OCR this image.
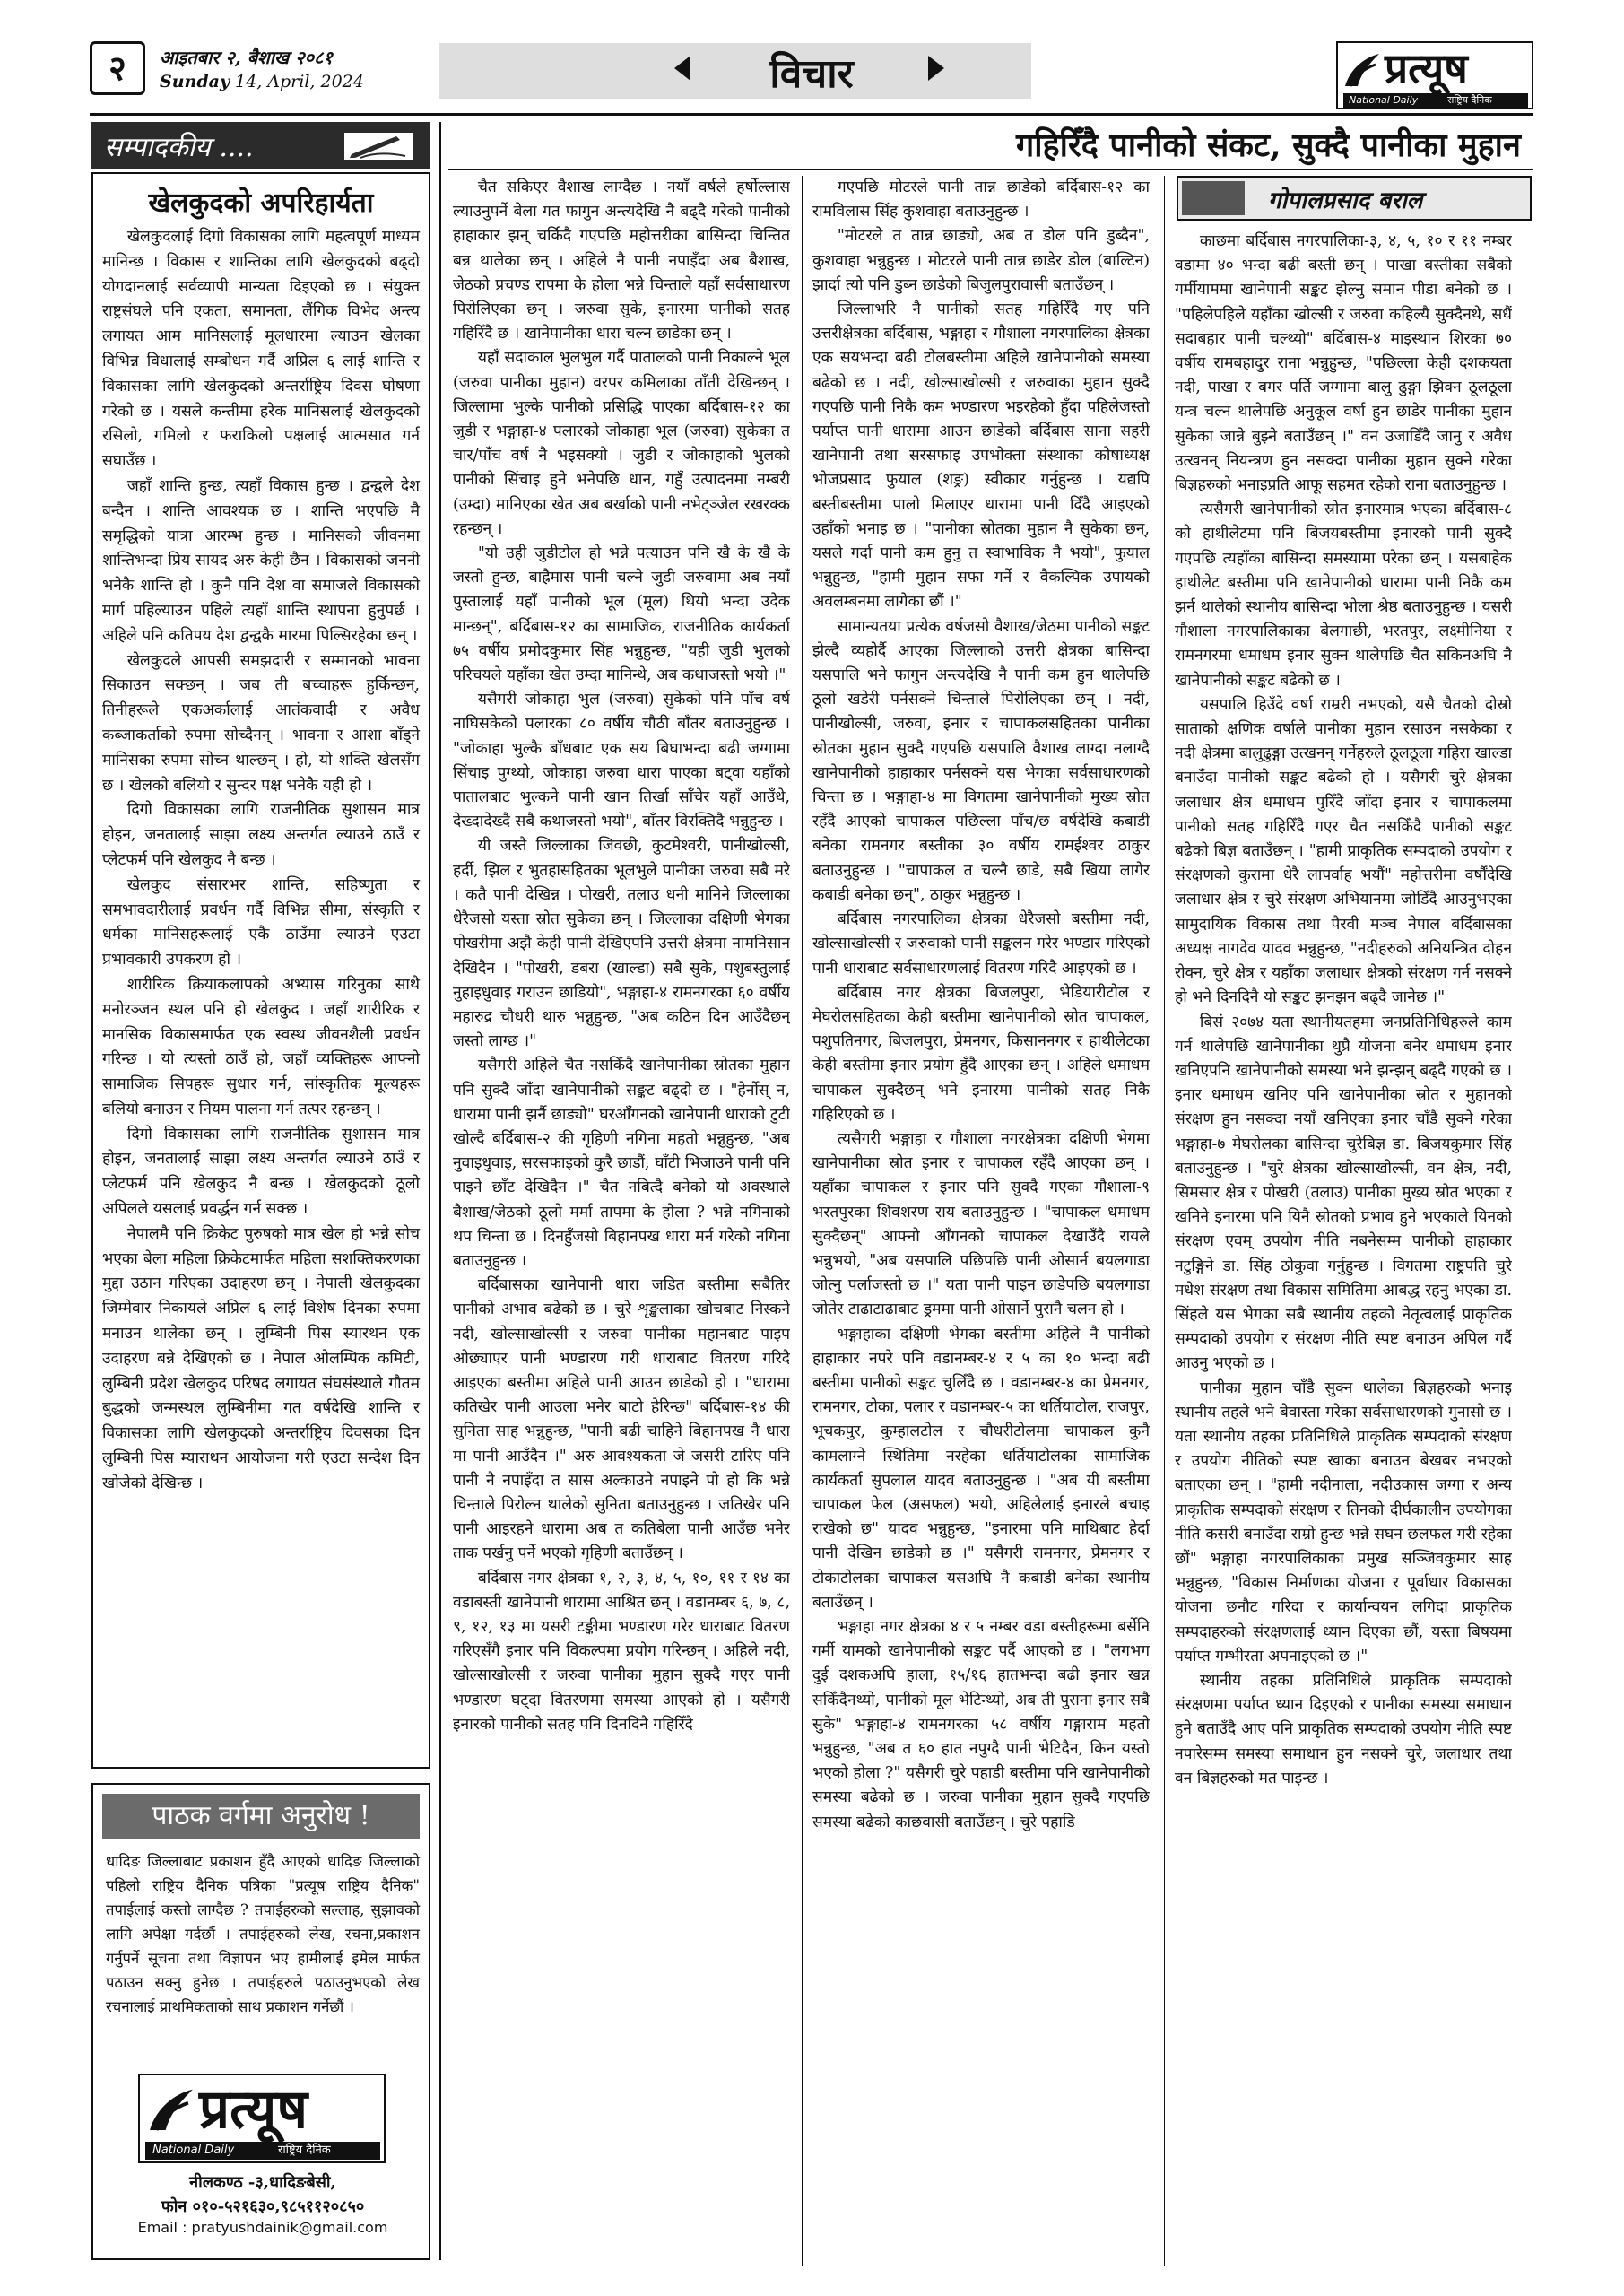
२	आइतबार २, बैशाख २०८१
Sunday 14, April, 2024	विचार	प्रत्यूष
National Daily	राष्ट्रिय दैनिक
सम्पादकीय ....
खेलकुदको अपरिहार्यता

खेलकुदलाई दिगो विकासका लागि महत्वपूर्ण माध्यम मानिन्छ । विकास र शान्तिका लागि खेलकुदको बढ्दो योगदानलाई सर्वव्यापी मान्यता दिइएको छ । संयुक्त राष्ट्रसंघले पनि एकता, समानता, लैंगिक विभेद अन्त्य लगायत आम मानिसलाई मूलधारमा ल्याउन खेलका विभिन्न विधालाई सम्बोधन गर्दै अप्रिल ६ लाई शान्ति र विकासका लागि खेलकुदको अन्तर्राष्ट्रिय दिवस घोषणा गरेको छ । यसले कन्तीमा हरेक मानिसलाई खेलकुदको रसिलो, गमिलो र फराकिलो पक्षलाई आत्मसात गर्न सघाउँछ ।

जहाँ शान्ति हुन्छ, त्यहाँ विकास हुन्छ । द्वन्द्वले देश बन्दैन । शान्ति आवश्यक छ । शान्ति भएपछि मै समृद्धिको यात्रा आरम्भ हुन्छ । मानिसको जीवनमा शान्तिभन्दा प्रिय सायद अरु केही छैन । विकासको जननी भनेकै शान्ति हो । कुनै पनि देश वा समाजले विकासको मार्ग पहिल्याउन पहिले त्यहाँ शान्ति स्थापना हुनुपर्छ । अहिले पनि कतिपय देश द्वन्द्वकै मारमा पिल्सिरहेका छन् ।

खेलकुदले आपसी समझदारी र सम्मानको भावना सिकाउन सक्छन् । जब ती बच्चाहरू हुर्किन्छन्, तिनीहरूले एकअर्कालाई आतंकवादी र अवैध कब्जाकर्ताको रुपमा सोच्दैनन् । भावना र आशा बाँड्ने मानिसका रुपमा सोच्न थाल्छन् । हो, यो शक्ति खेलसँग छ । खेलको बलियो र सुन्दर पक्ष भनेकै यही हो ।

दिगो विकासका लागि राजनीतिक सुशासन मात्र होइन, जनतालाई साझा लक्ष्य अन्तर्गत ल्याउने ठाउँ र प्लेटफर्म पनि खेलकुद नै बन्छ ।

खेलकुद संसारभर शान्ति, सहिष्णुता र समभावदारीलाई प्रवर्धन गर्दै विभिन्न सीमा, संस्कृति र धर्मका मानिसहरूलाई एकै ठाउँमा ल्याउने एउटा प्रभावकारी उपकरण हो ।

शारीरिक क्रियाकलापको अभ्यास गरिनुका साथै मनोरञ्जन स्थल पनि हो खेलकुद । जहाँ शारीरिक र मानसिक विकासमार्फत एक स्वस्थ जीवनशैली प्रवर्धन गरिन्छ । यो त्यस्तो ठाउँ हो, जहाँ व्यक्तिहरू आफ्नो सामाजिक सिपहरू सुधार गर्न, सांस्कृतिक मूल्यहरू बलियो बनाउन र नियम पालना गर्न तत्पर रहन्छन् ।

दिगो विकासका लागि राजनीतिक सुशासन मात्र होइन, जनतालाई साझा लक्ष्य अन्तर्गत ल्याउने ठाउँ र प्लेटफर्म पनि खेलकुद नै बन्छ । खेलकुदको ठूलो अपिलले यसलाई प्रवर्द्धन गर्न सक्छ ।

नेपालमै पनि क्रिकेट पुरुषको मात्र खेल हो भन्ने सोच भएका बेला महिला क्रिकेटमार्फत महिला सशक्तिकरणका मुद्दा उठान गरिएका उदाहरण छन् । नेपाली खेलकुदका जिम्मेवार निकायले अप्रिल ६ लाई विशेष दिनका रुपमा मनाउन थालेका छन् । लुम्बिनी पिस स्यारथन एक उदाहरण बन्ने देखिएको छ । नेपाल ओलम्पिक कमिटी, लुम्बिनी प्रदेश खेलकुद परिषद लगायत संघसंस्थाले गौतम बुद्धको जन्मस्थल लुम्बिनीमा गत वर्षदेखि शान्ति र विकासका लागि खेलकुदको अन्तर्राष्ट्रिय दिवसका दिन लुम्बिनी पिस म्याराथन आयोजना गरी एउटा सन्देश दिन खोजेको देखिन्छ ।

पाठक वर्गमा अनुरोध !
धादिङ जिल्लाबाट प्रकाशन हुँदै आएको धादिङ जिल्लाको पहिलो राष्ट्रिय दैनिक पत्रिका "प्रत्यूष राष्ट्रिय दैनिक" तपाईलाई कस्तो लाग्दैछ ? तपाईहरुको सल्लाह, सुझावको लागि अपेक्षा गर्दछौं । तपाईहरुको लेख, रचना,प्रकाशन गर्नुपर्ने सूचना तथा विज्ञापन भए हामीलाई इमेल मार्फत पठाउन सक्नु हुनेछ । तपाईहरुले पठाउनुभएको लेख रचनालाई प्राथमिकताको साथ प्रकाशन गर्नेछौं ।
प्रत्यूष
National Daily	राष्ट्रिय दैनिक
नीलकण्ठ -३,धादिङबेसी,
फोन ०१०-५२१६३०,९८५११२०८५०
Email : pratyushdainik@gmail.com
गहिरिँदै पानीको संकट, सुक्दै पानीका मुहान

चैत सकिएर वैशाख लाग्दैछ । नयाँ वर्षले हर्षोल्लास ल्याउनुपर्ने बेला गत फागुन अन्त्यदेखि नै बढ्दै गरेको पानीको हाहाकार झन् चर्किदै गएपछि महोत्तरीका बासिन्दा चिन्तित बन्न थालेका छन् । अहिले नै पानी नपाइँदा अब बैशाख, जेठको प्रचण्ड रापमा के होला भन्ने चिन्ताले यहाँ सर्वसाधारण पिरोलिएका छन् । जरुवा सुके, इनारमा पानीको सतह गहिरिँदै छ । खानेपानीका धारा चल्न छाडेका छन् ।

यहाँ सदाकाल भुलभुल गर्दै पातालको पानी निकाल्ने भूल (जरुवा पानीका मुहान) वरपर कमिलाका ताँती देखिन्छन् । जिल्लामा भुल्के पानीको प्रसिद्धि पाएका बर्दिबास-१२ का जुडी र भङ्गाहा-४ पलारको जोकाहा भूल (जरुवा) सुकेका त चार/पाँच वर्ष नै भइसक्यो । जुडी र जोकाहाको भुलको पानीको सिंचाइ हुने भनेपछि धान, गहुँ उत्पादनमा नम्बरी (उम्दा) मानिएका खेत अब बर्खाको पानी नभेट्ञ्जेल रखरक्क रहन्छन् ।

"यो उही जुडीटोल हो भन्ने पत्याउन पनि खै के खै के जस्तो हुन्छ, बाह्रैमास पानी चल्ने जुडी जरुवामा अब नयाँ पुस्तालाई यहाँ पानीको भूल (मूल) थियो भन्दा उदेक मान्छन्", बर्दिबास-१२ का सामाजिक, राजनीतिक कार्यकर्ता ७५ वर्षीय प्रमोदकुमार सिंह भन्नुहुन्छ, "यही जुडी भुलको परिचयले यहाँका खेत उम्दा मानिन्थे, अब कथाजस्तो भयो ।"

यसैगरी जोकाहा भुल (जरुवा) सुकेको पनि पाँच वर्ष नाघिसकेको पलारका ८० वर्षीय चौठी बाँतर बताउनुहुन्छ । "जोकाहा भुल्कै बाँधबाट एक सय बिघाभन्दा बढी जग्गामा सिंचाइ पुग्थ्यो, जोकाहा जरुवा धारा पाएका बट्वा यहाँको पातालबाट भुल्कने पानी खान तिर्खा साँचेर यहाँ आउँथे, देख्दादेख्दै सबै कथाजस्तो भयो", बाँतर विरक्तिदै भन्नुहुन्छ ।

यी जस्तै जिल्लाका जिवछी, कुटमेश्वरी, पानीखोल्सी, हर्दी, झिल र भुतहासहितका भूलभुले पानीका जरुवा सबै मरे । कतै पानी देखिन्न । पोखरी, तलाउ धनी मानिने जिल्लाका धेरैजसो यस्ता स्रोत सुकेका छन् । जिल्लाका दक्षिणी भेगका पोखरीमा अझै केही पानी देखिएपनि उत्तरी क्षेत्रमा नामनिसान देखिदैन । "पोखरी, डबरा (खाल्डा) सबै सुके, पशुबस्तुलाई नुहाइधुवाइ गराउन छाडियो", भङ्गाहा-४ रामनगरका ६० वर्षीय महारुद्र चौधरी थारु भन्नुहुन्छ, "अब कठिन दिन आउँदैछन् जस्तो लाग्छ ।"

यसैगरी अहिले चैत नसकिँदै खानेपानीका स्रोतका मुहान पनि सुक्दै जाँदा खानेपानीको सङ्कट बढ्दो छ । "हेर्नोस् न, धारामा पानी झर्नै छाड्यो" घरआँगनको खानेपानी धाराको टुटी खोल्दै बर्दिबास-२ की गृहिणी नगिना महतो भन्नुहुन्छ, "अब नुवाइधुवाइ, सरसफाइको कुरै छाडौं, घाँटी भिजाउने पानी पनि पाइने छाँट देखिदैन ।" चैत नबित्दै बनेको यो अवस्थाले बैशाख/जेठको ठूलो मर्मा तापमा के होला ? भन्ने नगिनाको थप चिन्ता छ । दिनहुँजसो बिहानपख धारा मर्न गरेको नगिना बताउनुहुन्छ ।

बर्दिबासका खानेपानी धारा जडित बस्तीमा सबैतिर पानीको अभाव बढेको छ । चुरे शृङ्खलाका खोचबाट निस्कने नदी, खोल्साखोल्सी र जरुवा पानीका महानबाट पाइप ओछ्याएर पानी भण्डारण गरी धाराबाट वितरण गरिदै आइएका बस्तीमा अहिले पानी आउन छाडेको हो । "धारामा कतिखेर पानी आउला भनेर बाटो हेरिन्छ" बर्दिबास-१४ की सुनिता साह भन्नुहुन्छ, "पानी बढी चाहिने बिहानपख नै धारा मा पानी आउँदैन ।" अरु आवश्यकता जे जसरी टारिए पनि पानी नै नपाइँदा त सास अल्काउने नपाइने पो हो कि भन्ने चिन्ताले पिरोल्न थालेको सुनिता बताउनुहुन्छ । जतिखेर पनि पानी आइरहने धारामा अब त कतिबेला पानी आउँछ भनेर ताक पर्खनु पर्ने भएको गृहिणी बताउँछन् ।

बर्दिबास नगर क्षेत्रका १, २, ३, ४, ५, १०, ११ र १४ का वडाबस्ती खानेपानी धारामा आश्रित छन् । वडानम्बर ६, ७, ८, ९, १२, १३ मा यसरी टङ्कीमा भण्डारण गरेर धाराबाट वितरण गरिएसँगै इनार पनि विकल्पमा प्रयोग गरिन्छन् । अहिले नदी, खोल्साखोल्सी र जरुवा पानीका मुहान सुक्दै गएर पानी भण्डारण घट्दा वितरणमा समस्या आएको हो । यसैगरी इनारको पानीको सतह पनि दिनदिनै गहिरिँदै

गएपछि मोटरले पानी तान्न छाडेको बर्दिबास-१२ का रामविलास सिंह कुशवाहा बताउनुहुन्छ ।

"मोटरले त तान्न छाड्यो, अब त डोल पनि डुब्दैन", कुशवाहा भन्नुहुन्छ । मोटरले पानी तान्न छाडेर डोल (बाल्टिन) झार्दा त्यो पनि डुब्न छाडेको बिजुलपुरावासी बताउँछन् ।

जिल्लाभरि नै पानीको सतह गहिरिँदै गए पनि उत्तरीक्षेत्रका बर्दिबास, भङ्गाहा र गौशाला नगरपालिका क्षेत्रका एक सयभन्दा बढी टोलबस्तीमा अहिले खानेपानीको समस्या बढेको छ । नदी, खोल्साखोल्सी र जरुवाका मुहान सुक्दै गएपछि पानी निकै कम भण्डारण भइरहेको हुँदा पहिलेजस्तो पर्याप्त पानी धारामा आउन छाडेको बर्दिबास साना सहरी खानेपानी तथा सरसफाइ उपभोक्ता संस्थाका कोषाध्यक्ष भोजप्रसाद फुयाल (शङ्र) स्वीकार गर्नुहुन्छ । यद्यपि बस्तीबस्तीमा पालो मिलाएर धारामा पानी दिँदै आइएको उहाँको भनाइ छ । "पानीका स्रोतका मुहान नै सुकेका छन्, यसले गर्दा पानी कम हुनु त स्वाभाविक नै भयो", फुयाल भन्नुहुन्छ, "हामी मुहान सफा गर्ने र वैकल्पिक उपायको अवलम्बनमा लागेका छौं ।"

सामान्यतया प्रत्येक वर्षजसो वैशाख/जेठमा पानीको सङ्कट झेल्दै व्यहोर्दै आएका जिल्लाको उत्तरी क्षेत्रका बासिन्दा यसपालि भने फागुन अन्त्यदेखि नै पानी कम हुन थालेपछि ठूलो खडेरी पर्नसक्ने चिन्ताले पिरोलिएका छन् । नदी, पानीखोल्सी, जरुवा, इनार र चापाकलसहितका पानीका स्रोतका मुहान सुक्दै गएपछि यसपालि वैशाख लाग्दा नलाग्दै खानेपानीको हाहाकार पर्नसक्ने यस भेगका सर्वसाधारणको चिन्ता छ । भङ्गाहा-४ मा विगतमा खानेपानीको मुख्य स्रोत रहँदै आएको चापाकल पछिल्ला पाँच/छ वर्षदेखि कबाडी बनेका रामनगर बस्तीका ३० वर्षीय रामईश्वर ठाकुर बताउनुहुन्छ । "चापाकल त चल्नै छाडे, सबै खिया लागेर कबाडी बनेका छन्", ठाकुर भन्नुहुन्छ ।

बर्दिबास नगरपालिका क्षेत्रका धेरैजसो बस्तीमा नदी, खोल्साखोल्सी र जरुवाको पानी सङ्कलन गरेर भण्डार गरिएको पानी धाराबाट सर्वसाधारणलाई वितरण गरिदै आइएको छ ।

बर्दिबास नगर क्षेत्रका बिजलपुरा, भेडियारीटोल र मेघरोलसहितका केही बस्तीमा खानेपानीको स्रोत चापाकल, पशुपतिनगर, बिजलपुरा, प्रेमनगर, किसाननगर र हाथीलेटका केही बस्तीमा इनार प्रयोग हुँदै आएका छन् । अहिले धमाधम चापाकल सुक्दैछन् भने इनारमा पानीको सतह निकै गहिरिएको छ ।

त्यसैगरी भङ्गाहा र गौशाला नगरक्षेत्रका दक्षिणी भेगमा खानेपानीका स्रोत इनार र चापाकल रहँदै आएका छन् । यहाँका चापाकल र इनार पनि सुक्दै गएका गौशाला-९ भरतपुरका शिवशरण राय बताउनुहुन्छ । "चापाकल धमाधम सुक्दैछन्" आफ्नो आँगनको चापाकल देखाउँदै रायले भन्नुभयो, "अब यसपालि पछिपछि पानी ओसार्न बयलगाडा जोत्नु पर्लाजस्तो छ ।" यता पानी पाइन छाडेपछि बयलगाडा जोतेर टाढाटाढाबाट ड्रममा पानी ओसार्ने पुरानै चलन हो ।

भङ्गाहाका दक्षिणी भेगका बस्तीमा अहिले नै पानीको हाहाकार नपरे पनि वडानम्बर-४ र ५ का १० भन्दा बढी बस्तीमा पानीको सङ्कट चुलिँदै छ । वडानम्बर-४ का प्रेमनगर, रामनगर, टोका, पलार र वडानम्बर-५ का धर्तियाटोल, राजपुर, भूचकपुर, कुम्हालटोल र चौधरीटोलमा चापाकल कुनै कामलाग्ने स्थितिमा नरहेका धर्तियाटोलका सामाजिक कार्यकर्ता सुपलाल यादव बताउनुहुन्छ । "अब यी बस्तीमा चापाकल फेल (असफल) भयो, अहिलेलाई इनारले बचाइ राखेको छ" यादव भन्नुहुन्छ, "इनारमा पनि माथिबाट हेर्दा पानी देखिन छाडेको छ ।" यसैगरी रामनगर, प्रेमनगर र टोकाटोलका चापाकल यसअघि नै कबाडी बनेका स्थानीय बताउँछन् ।

भङ्गाहा नगर क्षेत्रका ४ र ५ नम्बर वडा बस्तीहरूमा बर्सेनि गर्मी यामको खानेपानीको सङ्कट पर्दै आएको छ । "लगभग दुई दशकअघि हाला, १५/१६ हातभन्दा बढी इनार खन्न सकिँदैनथ्यो, पानीको मूल भेटिन्थ्यो, अब ती पुराना इनार सबै सुके" भङ्गाहा-४ रामनगरका ५८ वर्षीय गङ्गाराम महतो भन्नुहुन्छ, "अब त ६० हात नपुग्दै पानी भेटिदैन, किन यस्तो भएको होला ?" यसैगरी चुरे पहाडी बस्तीमा पनि खानेपानीको समस्या बढेको छ । जरुवा पानीका मुहान सुक्दै गएपछि समस्या बढेको काछवासी बताउँछन् । चुरे पहाडि

गोपालप्रसाद बराल

काछमा बर्दिबास नगरपालिका-३, ४, ५, १० र ११ नम्बर वडामा ४० भन्दा बढी बस्ती छन् । पाखा बस्तीका सबैको गर्मीयाममा खानेपानी सङ्कट झेल्नु समान पीडा बनेको छ । "पहिलेपहिले यहाँका खोल्सी र जरुवा कहिल्यै सुक्दैनथे, सधैं सदाबहार पानी चल्थ्यो" बर्दिबास-४ माइस्थान शिरका ७० वर्षीय रामबहादुर राना भन्नुहुन्छ, "पछिल्ला केही दशकयता नदी, पाखा र बगर पर्ति जग्गामा बालु ढुङ्गा झिक्न ठूलठूला यन्त्र चल्न थालेपछि अनुकूल वर्षा हुन छाडेर पानीका मुहान सुकेका जान्ने बुझ्ने बताउँछन् ।" वन उजाडिँदै जानु र अवैध उत्खनन् नियन्त्रण हुन नसक्दा पानीका मुहान सुक्ने गरेका बिज्ञहरुको भनाइप्रति आफू सहमत रहेको राना बताउनुहुन्छ ।

त्यसैगरी खानेपानीको स्रोत इनारमात्र भएका बर्दिबास-८ को हाथीलेटमा पनि बिजयबस्तीमा इनारको पानी सुक्दै गएपछि त्यहाँका बासिन्दा समस्यामा परेका छन् । यसबाहेक हाथीलेट बस्तीमा पनि खानेपानीको धारामा पानी निकै कम झर्न थालेको स्थानीय बासिन्दा भोला श्रेष्ठ बताउनुहुन्छ । यसरी गौशाला नगरपालिकाका बेलगाछी, भरतपुर, लक्ष्मीनिया र रामनगरमा धमाधम इनार सुक्न थालेपछि चैत सकिनअघि नै खानेपानीको सङ्कट बढेको छ ।

यसपालि हिउँदे वर्षा राम्ररी नभएको, यसै चैतको दोस्रो साताको क्षणिक वर्षाले पानीका मुहान रसाउन नसकेका र नदी क्षेत्रमा बालुढुङ्गा उत्खनन् गर्नेहरुले ठूलठूला गहिरा खाल्डा बनाउँदा पानीको सङ्कट बढेको हो । यसैगरी चुरे क्षेत्रका जलाधार क्षेत्र धमाधम पुरिँदै जाँदा इनार र चापाकलमा पानीको सतह गहिरिँदै गएर चैत नसकिँदै पानीको सङ्कट बढेको बिज्ञ बताउँछन् । "हामी प्राकृतिक सम्पदाको उपयोग र संरक्षणको कुरामा धेरै लापर्वाह भयौं" महोत्तरीमा वर्षौंदेखि जलाधार क्षेत्र र चुरे संरक्षण अभियानमा जोडिँदै आउनुभएका सामुदायिक विकास तथा पैरवी मञ्च नेपाल बर्दिबासका अध्यक्ष नागदेव यादव भन्नुहुन्छ, "नदीहरुको अनियन्त्रित दोहन रोक्न, चुरे क्षेत्र र यहाँका जलाधार क्षेत्रको संरक्षण गर्न नसक्ने हो भने दिनदिनै यो सङ्कट झनझन बढ्दै जानेछ ।"

बिसं २०७४ यता स्थानीयतहमा जनप्रतिनिधिहरुले काम गर्न थालेपछि खानेपानीका थुप्रै योजना बनेर धमाधम इनार खनिएपनि खानेपानीको समस्या भने झन्झन् बढ्दै गएको छ । इनार धमाधम खनिए पनि खानेपानीका स्रोत र मुहानको संरक्षण हुन नसक्दा नयाँ खनिएका इनार चाँडै सुक्ने गरेका भङ्गाहा-७ मेघरोलका बासिन्दा चुरेबिज्ञ डा. बिजयकुमार सिंह बताउनुहुन्छ । "चुरे क्षेत्रका खोल्साखोल्सी, वन क्षेत्र, नदी, सिमसार क्षेत्र र पोखरी (तलाउ) पानीका मुख्य स्रोत भएका र खनिने इनारमा पनि यिनै स्रोतको प्रभाव हुने भएकाले यिनको संरक्षण एवम् उपयोग नीति नबनेसम्म पानीको हाहाकार नटुङ्गिने डा. सिंह ठोकुवा गर्नुहुन्छ । विगतमा राष्ट्रपति चुरे मधेश संरक्षण तथा विकास समितिमा आबद्ध रहनु भएका डा. सिंहले यस भेगका सबै स्थानीय तहको नेतृत्वलाई प्राकृतिक सम्पदाको उपयोग र संरक्षण नीति स्पष्ट बनाउन अपिल गर्दै आउनु भएको छ ।

पानीका मुहान चाँडै सुक्न थालेका बिज्ञहरुको भनाइ स्थानीय तहले भने बेवास्ता गरेका सर्वसाधारणको गुनासो छ । यता स्थानीय तहका प्रतिनिधिले प्राकृतिक सम्पदाको संरक्षण र उपयोग नीतिको स्पष्ट खाका बनाउन बेखबर नभएको बताएका छन् । "हामी नदीनाला, नदीउकास जग्गा र अन्य प्राकृतिक सम्पदाको संरक्षण र तिनको दीर्घकालीन उपयोगका नीति कसरी बनाउँदा राम्रो हुन्छ भन्ने सघन छलफल गरी रहेका छौं" भङ्गाहा नगरपालिकाका प्रमुख सञ्जिवकुमार साह भन्नुहुन्छ, "विकास निर्माणका योजना र पूर्वाधार विकासका योजना छनौट गरिदा र कार्यान्वयन लगिदा प्राकृतिक सम्पदाहरुको संरक्षणलाई ध्यान दिएका छौं, यस्ता बिषयमा पर्याप्त गम्भीरता अपनाइएको छ ।"

स्थानीय तहका प्रतिनिधिले प्राकृतिक सम्पदाको संरक्षणमा पर्याप्त ध्यान दिइएको र पानीका समस्या समाधान हुने बताउँदै आए पनि प्राकृतिक सम्पदाको उपयोग नीति स्पष्ट नपारेसम्म समस्या समाधान हुन नसक्ने चुरे, जलाधार तथा वन बिज्ञहरुको मत पाइन्छ ।
